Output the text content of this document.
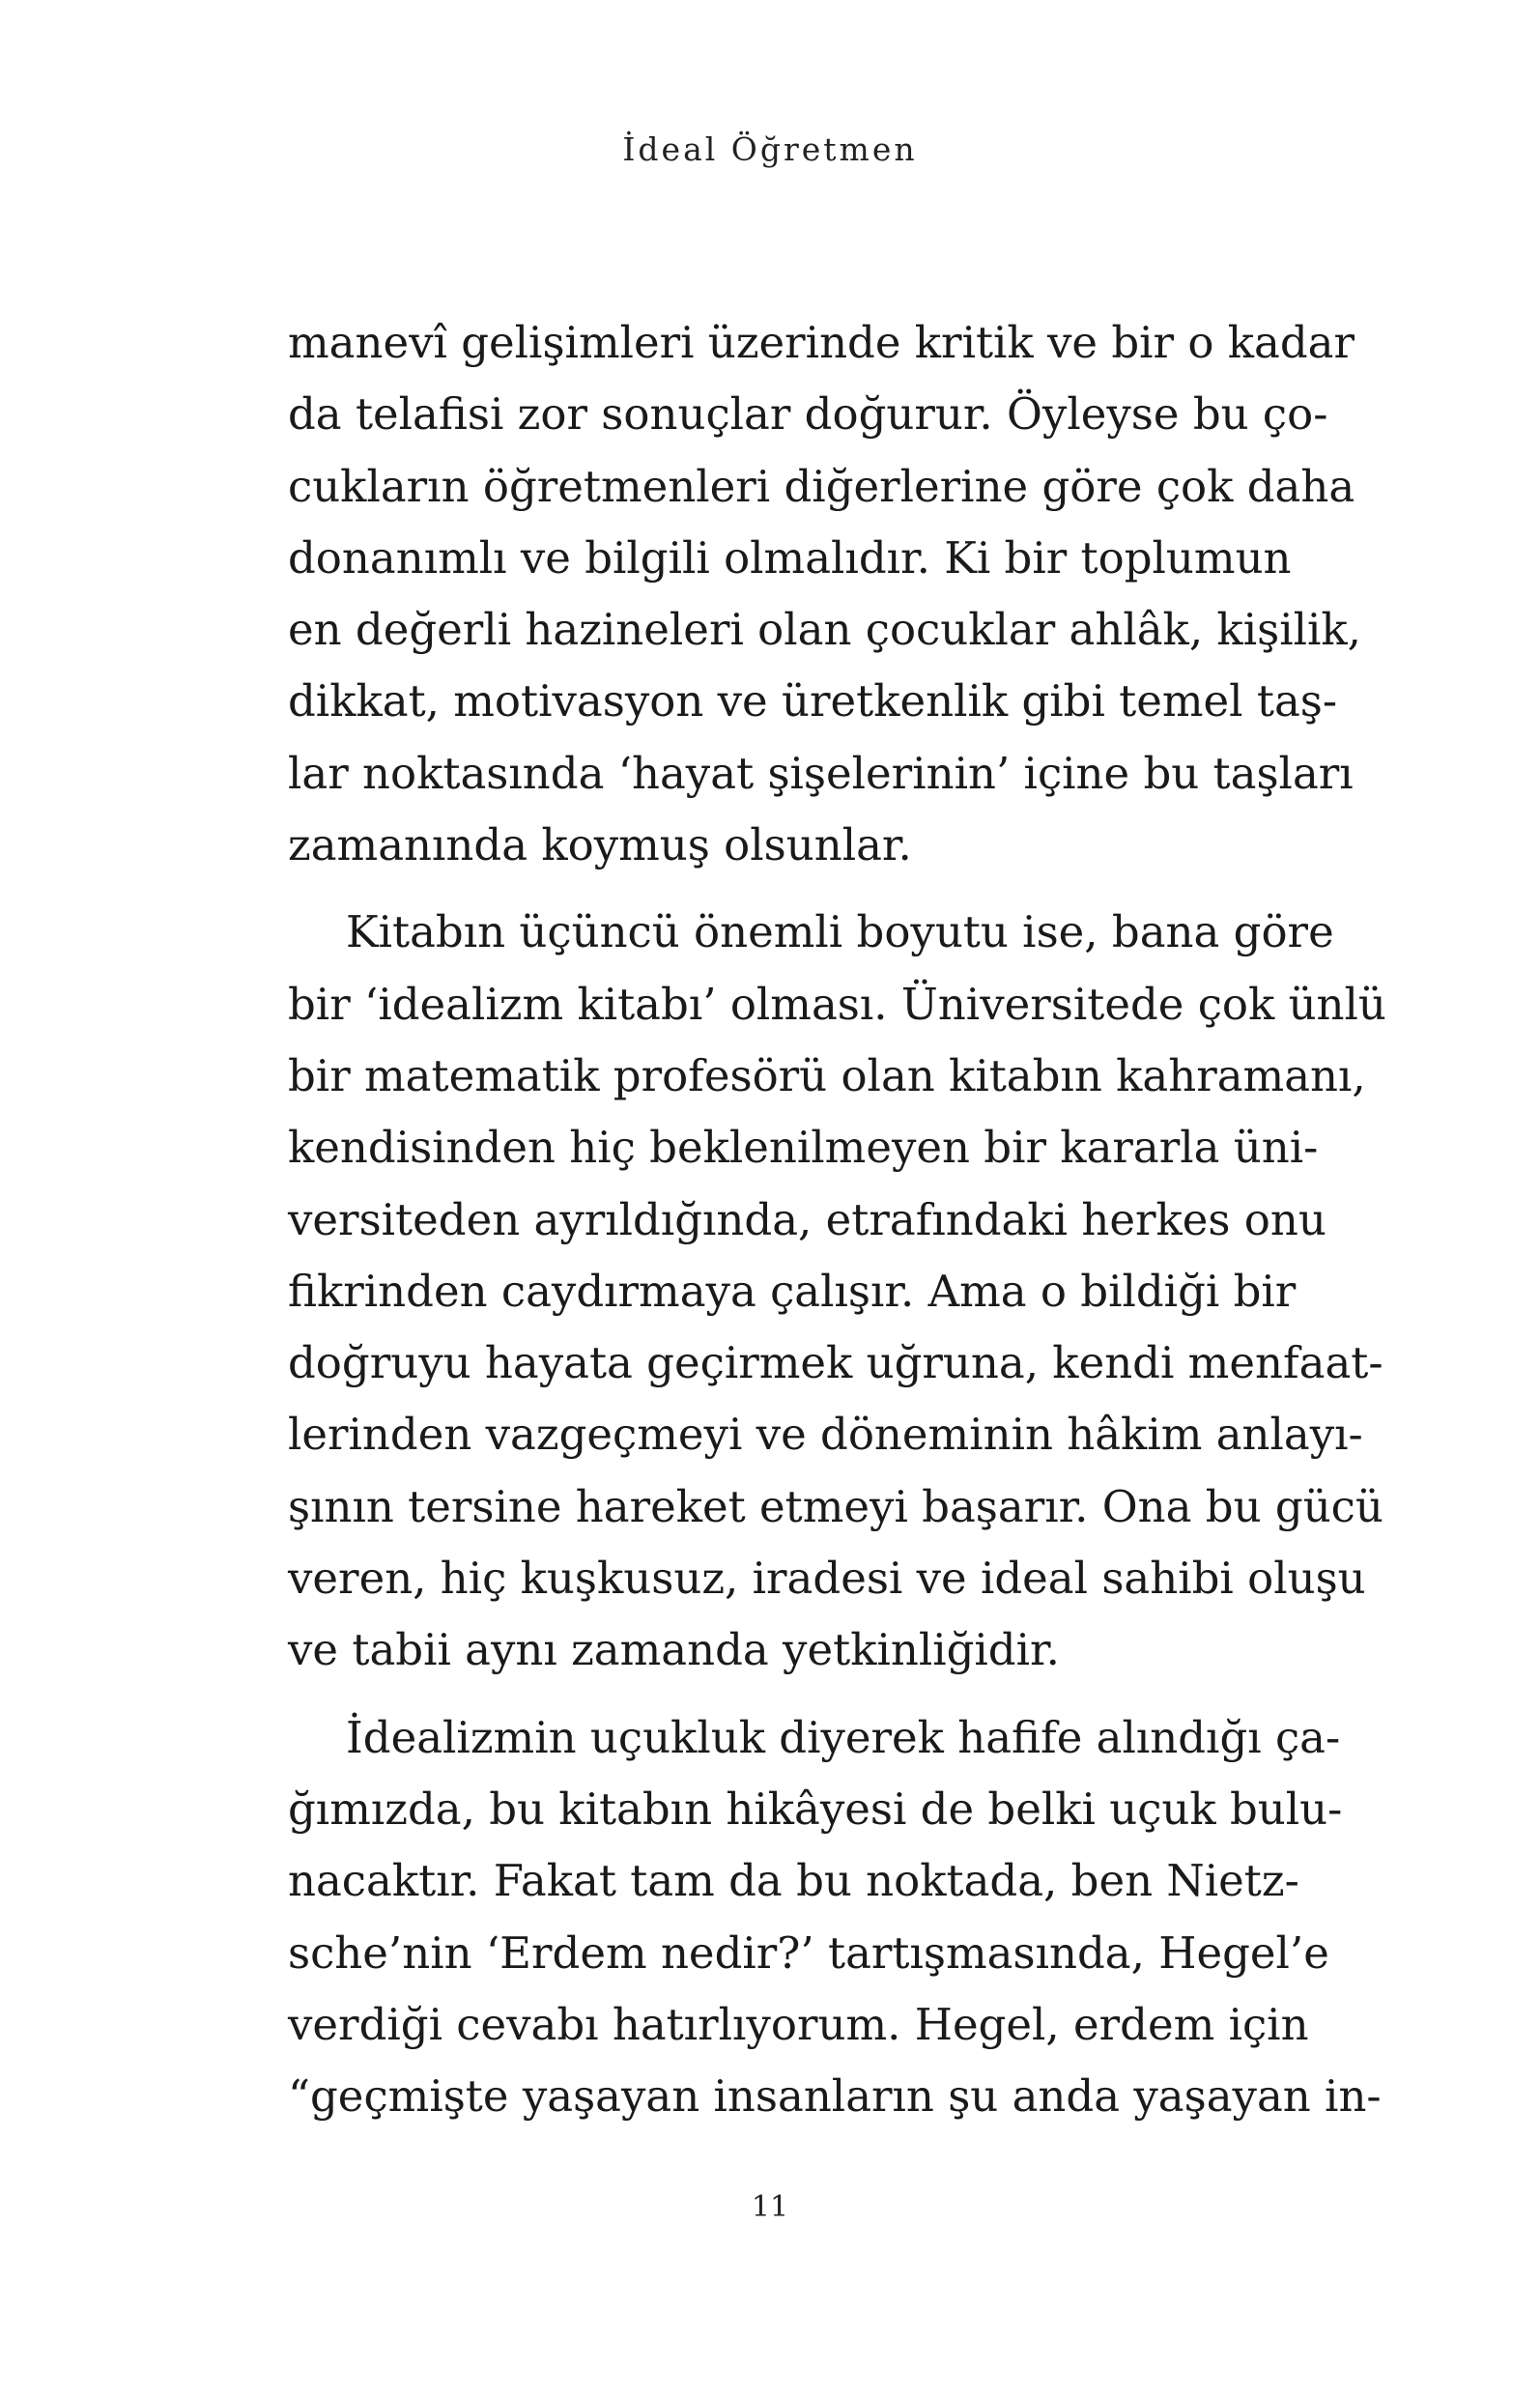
İdeal Öğretmen
manevî gelişimleri üzerinde kritik ve bir o kadar
da telafisi zor sonuçlar doğurur. Öyleyse bu ço-
cukların öğretmenleri diğerlerine göre çok daha
donanımlı ve bilgili olmalıdır. Ki bir toplumun
en değerli hazineleri olan çocuklar ahlâk, kişilik,
dikkat, motivasyon ve üretkenlik gibi temel taş-
lar noktasında ‘hayat şişelerinin’ içine bu taşları
zamanında koymuş olsunlar.
Kitabın üçüncü önemli boyutu ise, bana göre
bir ‘idealizm kitabı’ olması. Üniversitede çok ünlü
bir matematik profesörü olan kitabın kahramanı,
kendisinden hiç beklenilmeyen bir kararla üni-
versiteden ayrıldığında, etrafındaki herkes onu
fikrinden caydırmaya çalışır. Ama o bildiği bir
doğruyu hayata geçirmek uğruna, kendi menfaat-
lerinden vazgeçmeyi ve döneminin hâkim anlayı-
şının tersine hareket etmeyi başarır. Ona bu gücü
veren, hiç kuşkusuz, iradesi ve ideal sahibi oluşu
ve tabii aynı zamanda yetkinliğidir.
İdealizmin uçukluk diyerek hafife alındığı ça-
ğımızda, bu kitabın hikâyesi de belki uçuk bulu-
nacaktır. Fakat tam da bu noktada, ben Nietz-
sche’nin ‘Erdem nedir?’ tartışmasında, Hegel’e
verdiği cevabı hatırlıyorum. Hegel, erdem için
“geçmişte yaşayan insanların şu anda yaşayan in-
11
